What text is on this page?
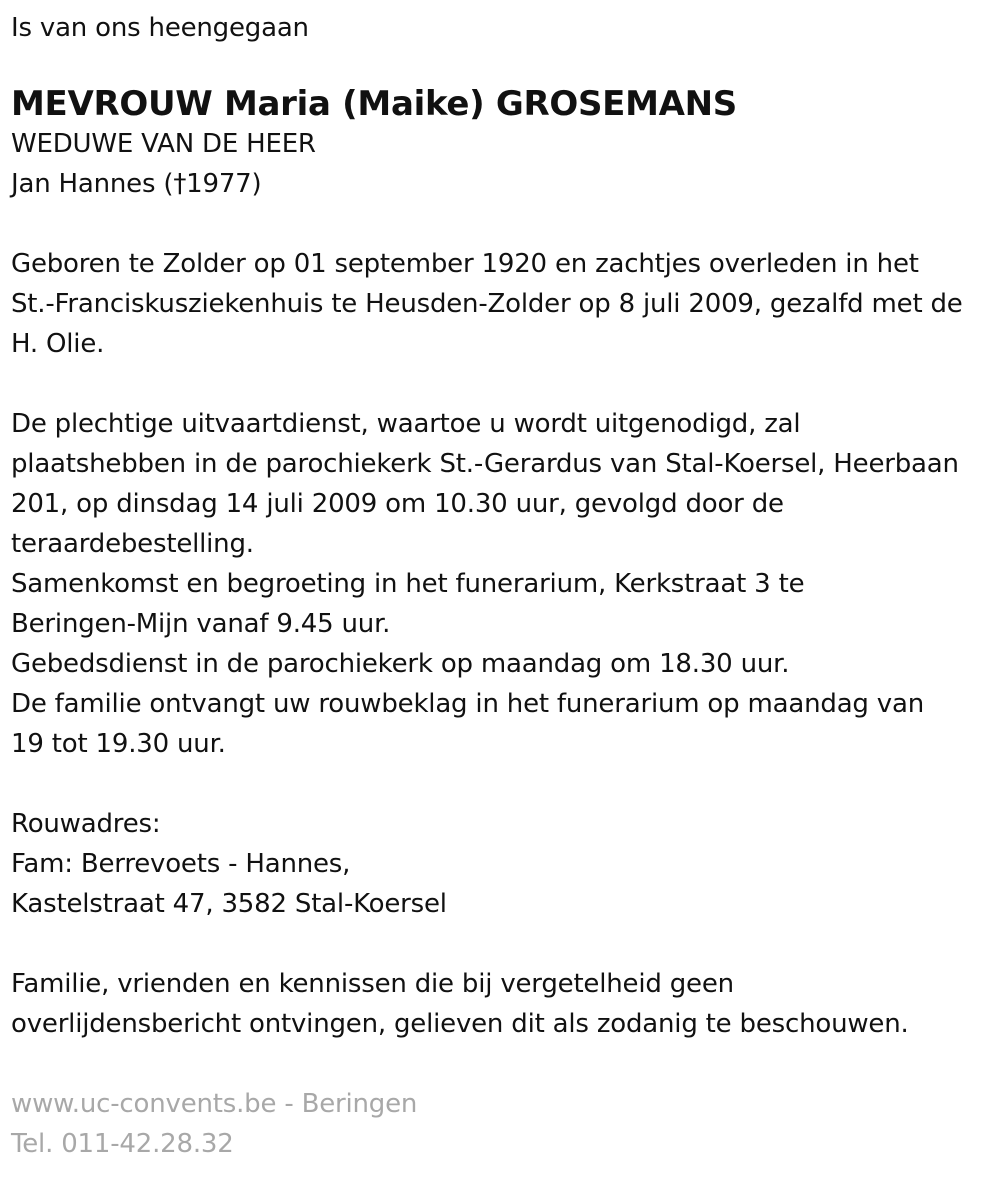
Is van ons heengegaan
MEVROUW Maria (Maike) GROSEMANS
WEDUWE VAN DE HEER
Jan Hannes (†1977)
Geboren te Zolder op 01 september 1920 en zachtjes overleden in het
St.-Franciskusziekenhuis te Heusden-Zolder op 8 juli 2009, gezalfd met de
H. Olie.
De plechtige uitvaartdienst, waartoe u wordt uitgenodigd, zal
plaatshebben in de parochiekerk St.-Gerardus van Stal-Koersel, Heerbaan
201, op dinsdag 14 juli 2009 om 10.30 uur, gevolgd door de
teraardebestelling.
Samenkomst en begroeting in het funerarium, Kerkstraat 3 te
Beringen-Mijn vanaf 9.45 uur.
Gebedsdienst in de parochiekerk op maandag om 18.30 uur.
De familie ontvangt uw rouwbeklag in het funerarium op maandag van
19 tot 19.30 uur.
Rouwadres:
Fam: Berrevoets - Hannes,
Kastelstraat 47, 3582 Stal-Koersel
Familie, vrienden en kennissen die bij vergetelheid geen
overlijdensbericht ontvingen, gelieven dit als zodanig te beschouwen.
www.uc-convents.be - Beringen
Tel. 011-42.28.32
